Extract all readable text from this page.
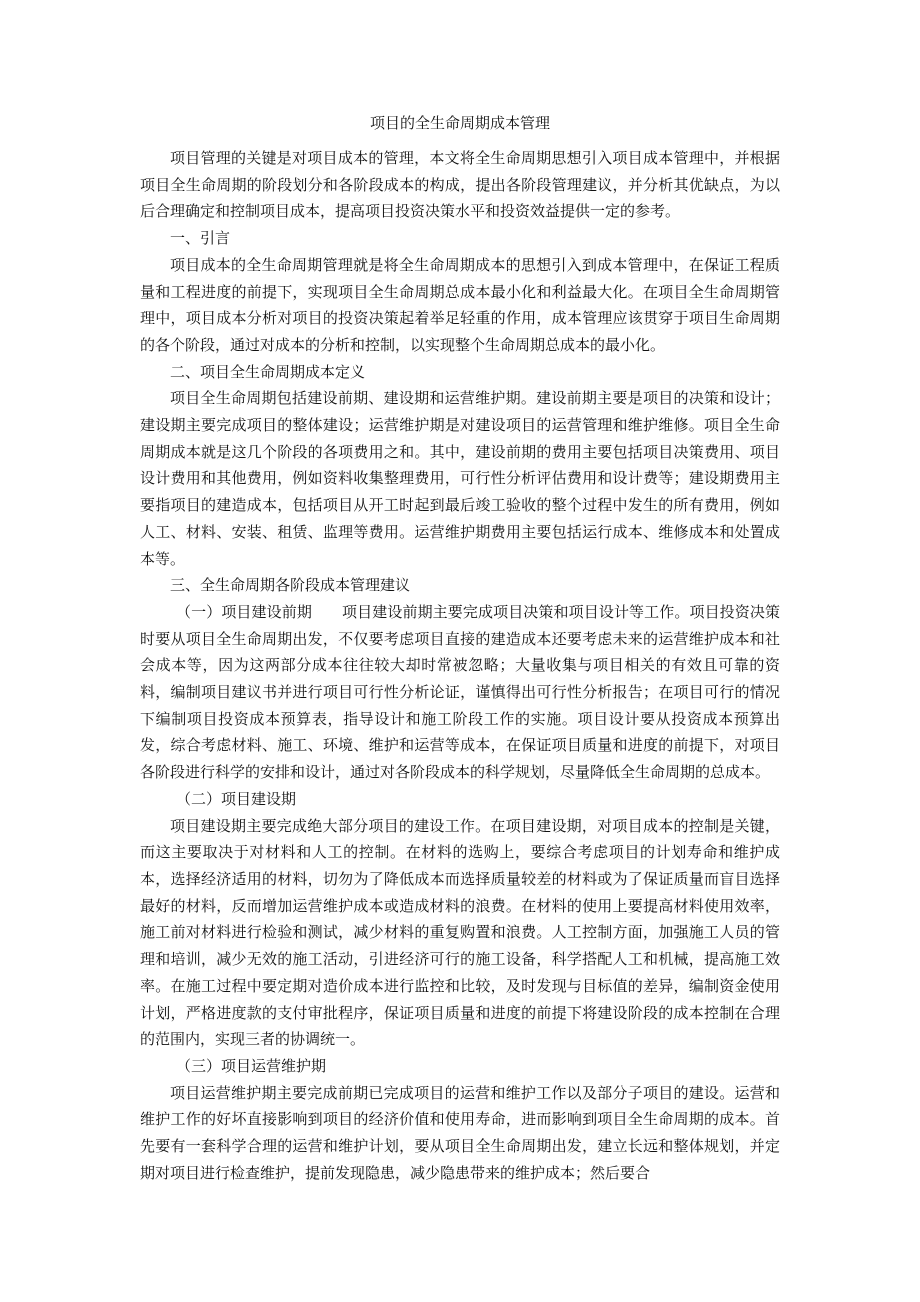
项目的全生命周期成本管理

项目管理的关键是对项目成本的管理，本文将全生命周期思想引入项目成本管理中，并根据项目全生命周期的阶段划分和各阶段成本的构成，提出各阶段管理建议，并分析其优缺点，为以后合理确定和控制项目成本，提高项目投资决策水平和投资效益提供一定的参考。

一、引言

项目成本的全生命周期管理就是将全生命周期成本的思想引入到成本管理中，在保证工程质量和工程进度的前提下，实现项目全生命周期总成本最小化和利益最大化。在项目全生命周期管理中，项目成本分析对项目的投资决策起着举足轻重的作用，成本管理应该贯穿于项目生命周期的各个阶段，通过对成本的分析和控制，以实现整个生命周期总成本的最小化。

二、项目全生命周期成本定义

项目全生命周期包括建设前期、建设期和运营维护期。建设前期主要是项目的决策和设计；建设期主要完成项目的整体建设；运营维护期是对建设项目的运营管理和维护维修。项目全生命周期成本就是这几个阶段的各项费用之和。其中，建设前期的费用主要包括项目决策费用、项目设计费用和其他费用，例如资料收集整理费用，可行性分析评估费用和设计费等；建设期费用主要指项目的建造成本，包括项目从开工时起到最后竣工验收的整个过程中发生的所有费用，例如人工、材料、安装、租赁、监理等费用。运营维护期费用主要包括运行成本、维修成本和处置成本等。

三、全生命周期各阶段成本管理建议

（一）项目建设前期 项目建设前期主要完成项目决策和项目设计等工作。项目投资决策时要从项目全生命周期出发，不仅要考虑项目直接的建造成本还要考虑未来的运营维护成本和社会成本等，因为这两部分成本往往较大却时常被忽略；大量收集与项目相关的有效且可靠的资料，编制项目建议书并进行项目可行性分析论证，谨慎得出可行性分析报告；在项目可行的情况下编制项目投资成本预算表，指导设计和施工阶段工作的实施。项目设计要从投资成本预算出发，综合考虑材料、施工、环境、维护和运营等成本，在保证项目质量和进度的前提下，对项目各阶段进行科学的安排和设计，通过对各阶段成本的科学规划，尽量降低全生命周期的总成本。

（二）项目建设期

项目建设期主要完成绝大部分项目的建设工作。在项目建设期，对项目成本的控制是关键，而这主要取决于对材料和人工的控制。在材料的选购上，要综合考虑项目的计划寿命和维护成本，选择经济适用的材料，切勿为了降低成本而选择质量较差的材料或为了保证质量而盲目选择最好的材料，反而增加运营维护成本或造成材料的浪费。在材料的使用上要提高材料使用效率，施工前对材料进行检验和测试，减少材料的重复购置和浪费。人工控制方面，加强施工人员的管理和培训，减少无效的施工活动，引进经济可行的施工设备，科学搭配人工和机械，提高施工效率。在施工过程中要定期对造价成本进行监控和比较，及时发现与目标值的差异，编制资金使用计划，严格进度款的支付审批程序，保证项目质量和进度的前提下将建设阶段的成本控制在合理的范围内，实现三者的协调统一。

（三）项目运营维护期

项目运营维护期主要完成前期已完成项目的运营和维护工作以及部分子项目的建设。运营和维护工作的好坏直接影响到项目的经济价值和使用寿命，进而影响到项目全生命周期的成本。首先要有一套科学合理的运营和维护计划，要从项目全生命周期出发，建立长远和整体规划，并定期对项目进行检查维护，提前发现隐患，减少隐患带来的维护成本；然后要合
